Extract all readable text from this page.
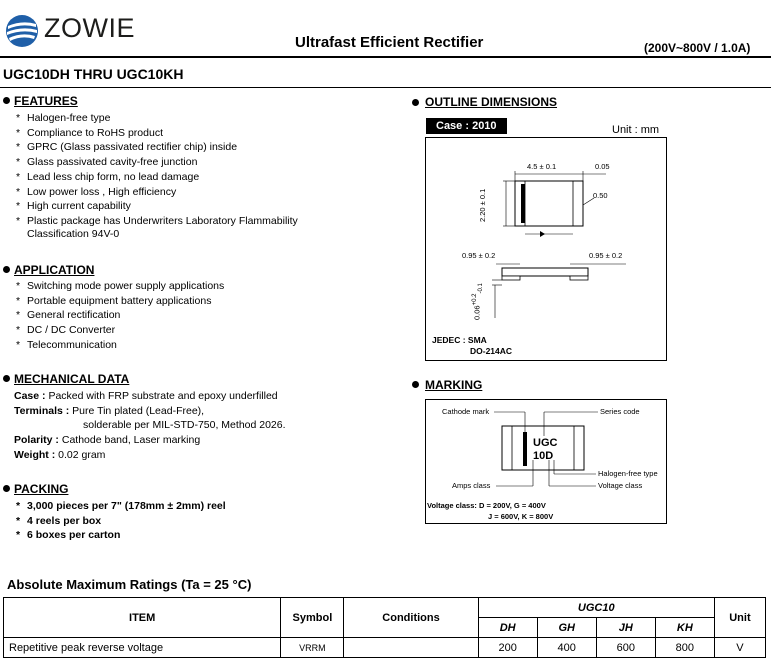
ZOWIE	Ultrafast Efficient Rectifier	(200V~800V / 1.0A)
UGC10DH THRU UGC10KH
FEATURES
* Halogen-free type
* Compliance to RoHS product
* GPRC (Glass passivated rectifier chip) inside
* Glass passivated cavity-free junction
* Lead less chip form, no lead damage
* Low power loss , High efficiency
* High current capability
* Plastic package has Underwriters Laboratory Flammability
Classification 94V-0
APPLICATION
* Switching mode power supply applications
* Portable equipment battery applications
* General rectification
* DC / DC Converter
* Telecommunication
MECHANICAL DATA
Case : Packed with FRP substrate and epoxy underfilled
Terminals : Pure Tin plated (Lead-Free),
solderable per MIL-STD-750, Method 2026.
Polarity : Cathode band, Laser marking
Weight : 0.02 gram
PACKING
* 3,000 pieces per 7" (178mm ± 2mm) reel
* 4 reels per box
* 6 boxes per carton
OUTLINE DIMENSIONS
Case : 2010	Unit : mm
4.5 ± 0.1	0.05
2.20 ± 0.1	0.50
0.95 ± 0.2	0.95 ± 0.2
$0.06^{+0.2}_{-0.1}$
JEDEC : SMA
DO-214AC
MARKING
Cathode mark	Series code
UGC
10D
Halogen-free type
Voltage class
Amps class
Voltage class: D = 200V, G = 400V
J = 600V, K = 800V
Absolute Maximum Ratings (Ta = 25 °C)
ITEM	Symbol	Conditions	UGC10				Unit
			DH	GH	JH	KH	
Repetitive peak reverse voltage	VRRM		200	400	600	800	V
